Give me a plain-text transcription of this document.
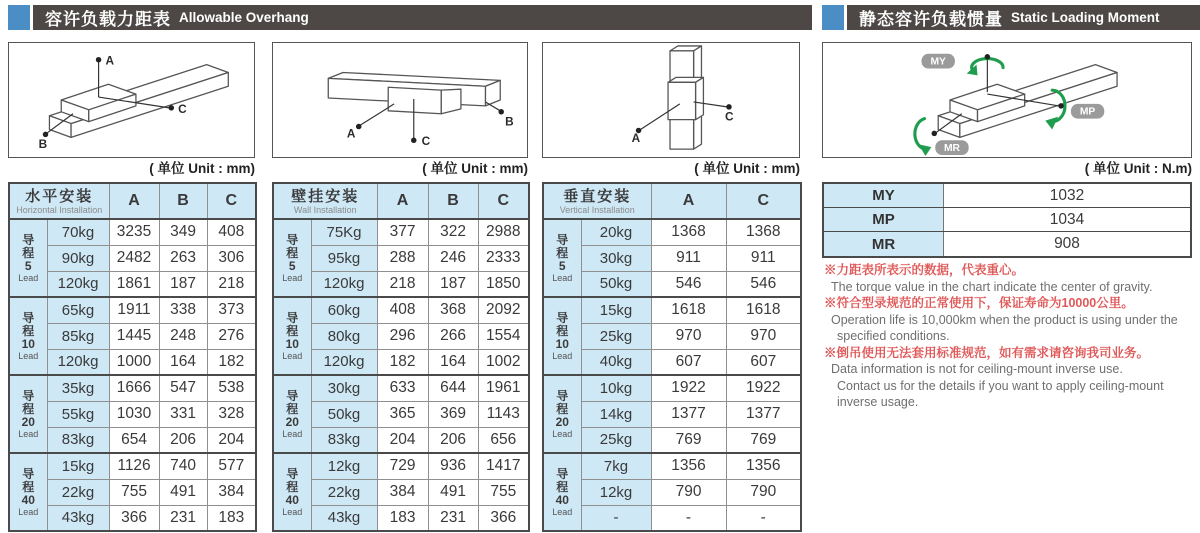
容许负载力距表 Allowable Overhang	静态容许负载惯量 Static Loading Moment
A
B
C
A
B
C	A
C
MY
MP
MR
( 单位 Unit : mm)	( 单位 Unit : mm)	( 单位 Unit : mm)	( 单位 Unit : N.m)
水平安装
Horizontal Installation		A	B	C

导
程
5
Lead	70kg	3235	349	408
	90kg	2482	263	306
	120kg	1861	187	218

导
程
10
Lead	65kg	1911	338	373
	85kg	1445	248	276
	120kg	1000	164	182

导
程
20
Lead	35kg	1666	547	538
	55kg	1030	331	328
	83kg	654	206	204

导
程
40
Lead	15kg	1126	740	577
	22kg	755	491	384
	43kg	366	231	183
壁挂安装
Wall Installation		A	B	C

导
程
5
Lead	75Kg	377	322	2988
	95kg	288	246	2333
	120kg	218	187	1850

导
程
10
Lead	60kg	408	368	2092
	80kg	296	266	1554
	120kg	182	164	1002

导
程
20
Lead	30kg	633	644	1961
	50kg	365	369	1143
	83kg	204	206	656

导
程
40
Lead	12kg	729	936	1417
	22kg	384	491	755
	43kg	183	231	366
垂直安装
Vertical Installation		A	C

导
程
5
Lead	20kg	1368	1368
	30kg	911	911
	50kg	546	546

导
程
10
Lead	15kg	1618	1618
	25kg	970	970
	40kg	607	607

导
程
20
Lead	10kg	1922	1922
	14kg	1377	1377
	25kg	769	769

导
程
40
Lead	7kg	1356	1356
	12kg	790	790
	-	-	-
MY	1032
MP	1034
MR	908
※力距表所表示的数据，代表重心。
The torque value in the chart indicate the center of gravity.
※符合型录规范的正常使用下，保证寿命为10000公里。
Operation life is 10,000km when the product is using under the
specified conditions.
※倒吊使用无法套用标准规范，如有需求请咨询我司业务。
Data information is not for ceiling-mount inverse use.
Contact us for the details if you want to apply ceiling-mount
inverse usage.
